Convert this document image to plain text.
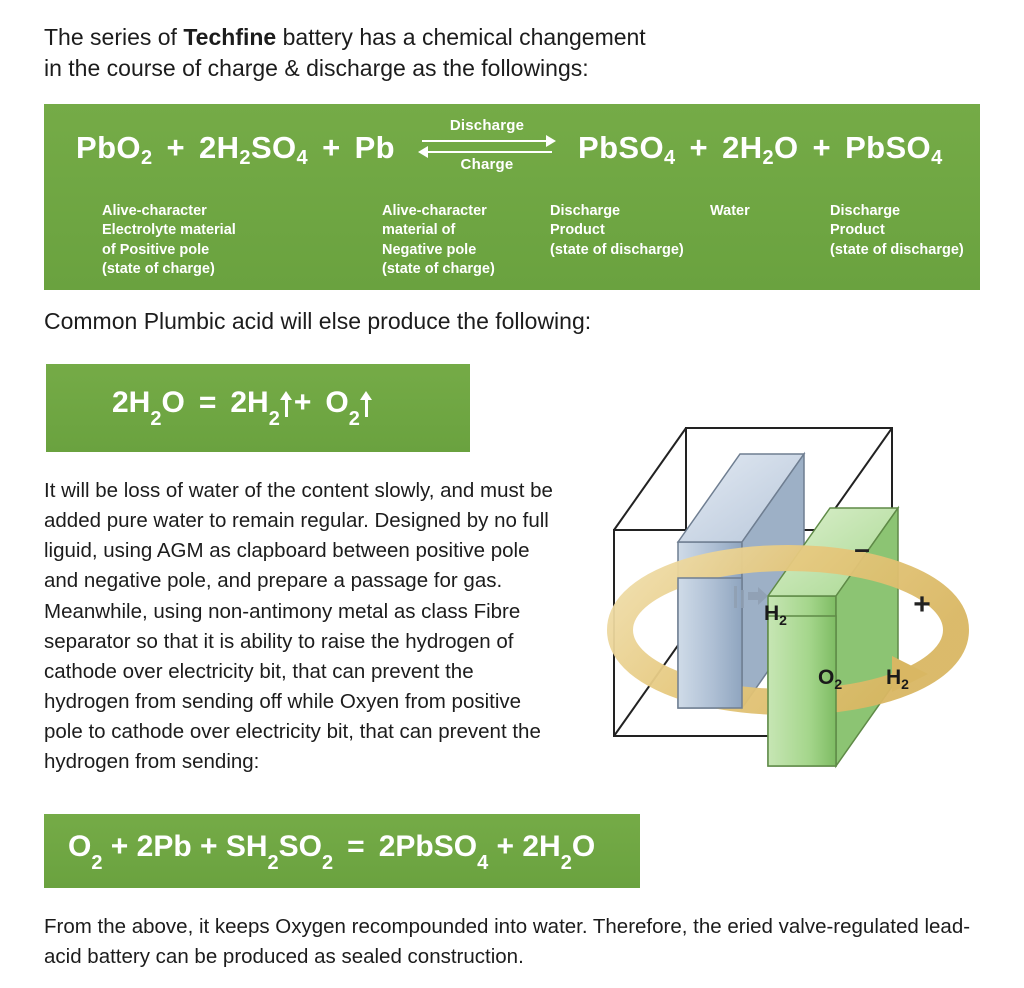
The series of Techfine battery has a chemical changement
in the course of charge & discharge as the followings:
$PbO_2 + 2H_2SO_4 + Pb$
Discharge
Charge	PbSO$_4$ + $2H_2O$ + PbSO$_4$
Alive-character
Electrolyte material
of Positive pole
(state of charge)
Alive-character
material of
Negative pole
(state of charge)
Discharge
Product
(state of discharge)
Water	Discharge
Product
(state of discharge)
Common Plumbic acid will else produce the following:
$2H_2O = 2H_2 + O_2$
It will be loss of water of the content slowly, and must be added pure water to remain regular. Designed by no full liguid, using AGM as clapboard between positive pole and negative pole, and prepare a passage for gas. Meanwhile, using non-antimony metal as class Fibre separator so that it is ability to raise the hydrogen of cathode over electricity bit, that can prevent the hydrogen from sending off while Oxyen from positive pole to cathode over electricity bit, that can prevent the hydrogen from sending:
–
+
$H_2$
$O_2$ $H_2$
$O_2 + 2Pb + SH_2SO_2$ = 2PbSO$_4$ + $2H_2O$
From the above, it keeps Oxygen recompounded into water. Therefore, the eried valve-regulated lead-acid battery can be produced as sealed construction.
